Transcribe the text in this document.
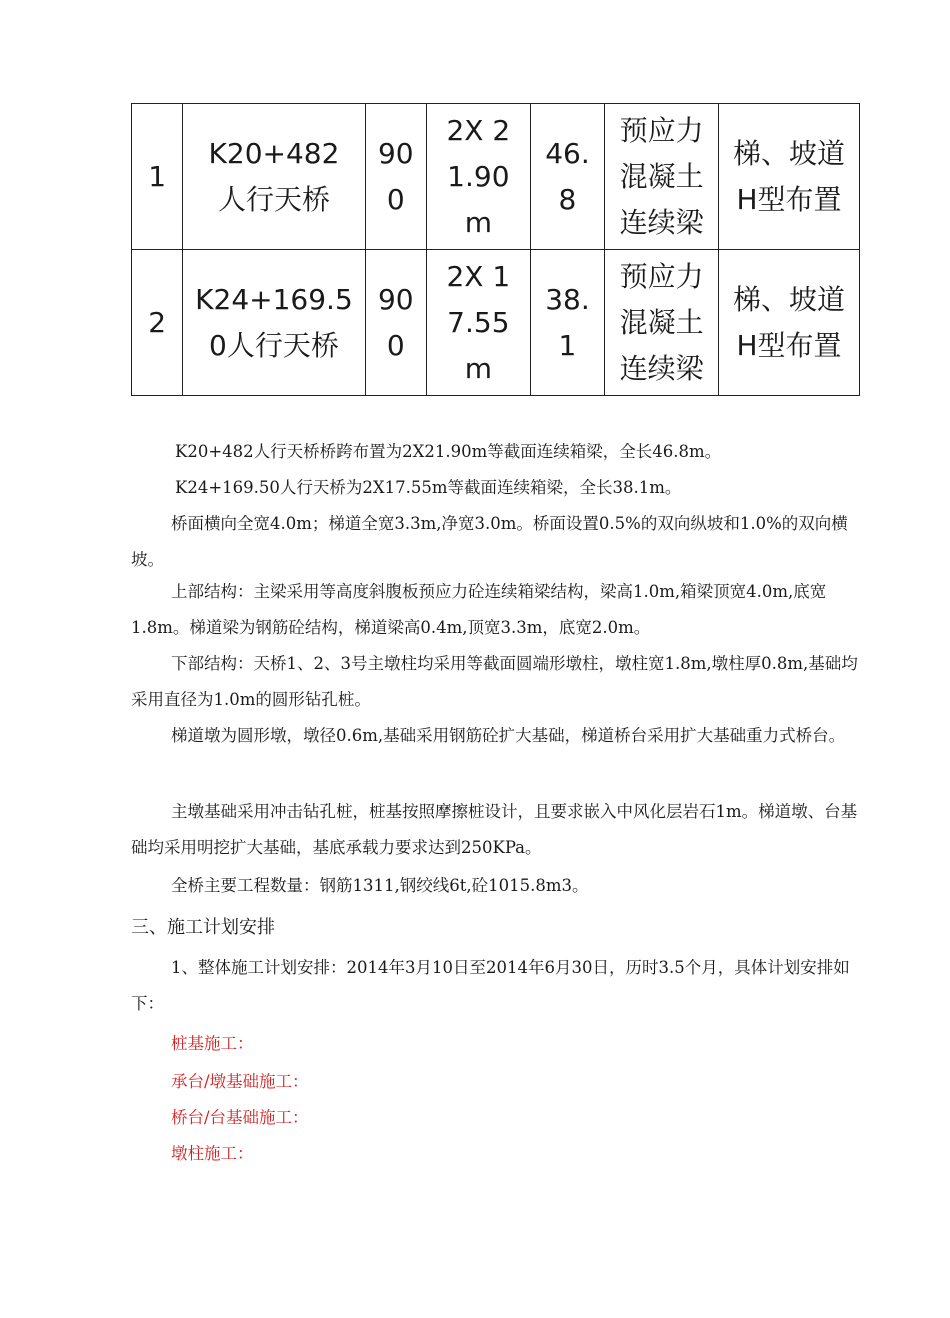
1	K20+482人行天桥	900	2X 21.90 m	46.8	预应力混凝土连续梁	梯、坡道H型布置
2	K24+169.50人行天桥	900	2X 17.55 m	38.1	预应力混凝土连续梁	梯、坡道H型布置

K20+482人行天桥桥跨布置为2X21.90m等截面连续箱梁，全长46.8m。

K24+169.50人行天桥为2X17.55m等截面连续箱梁，全长38.1m。

桥面横向全宽4.0m；梯道全宽3.3m,净宽3.0m。桥面设置0.5%的双向纵坡和1.0%的双向横坡。

上部结构：主梁采用等高度斜腹板预应力砼连续箱梁结构，梁高1.0m,箱梁顶宽4.0m,底宽1.8m。梯道梁为钢筋砼结构，梯道梁高0.4m,顶宽3.3m，底宽2.0m。

下部结构：天桥1、2、3号主墩柱均采用等截面圆端形墩柱，墩柱宽1.8m,墩柱厚0.8m,基础均采用直径为1.0m的圆形钻孔桩。

梯道墩为圆形墩，墩径0.6m,基础采用钢筋砼扩大基础，梯道桥台采用扩大基础重力式桥台。

主墩基础采用冲击钻孔桩，桩基按照摩擦桩设计，且要求嵌入中风化层岩石1m。梯道墩、台基础均采用明挖扩大基础，基底承载力要求达到250KPa。

全桥主要工程数量：钢筋1311,钢绞线6t,砼1015.8m3。

三、施工计划安排

1、整体施工计划安排：2014年3月10日至2014年6月30日，历时3.5个月，具体计划安排如下：

桩基施工：

承台/墩基础施工：

桥台/台基础施工：

墩柱施工：
